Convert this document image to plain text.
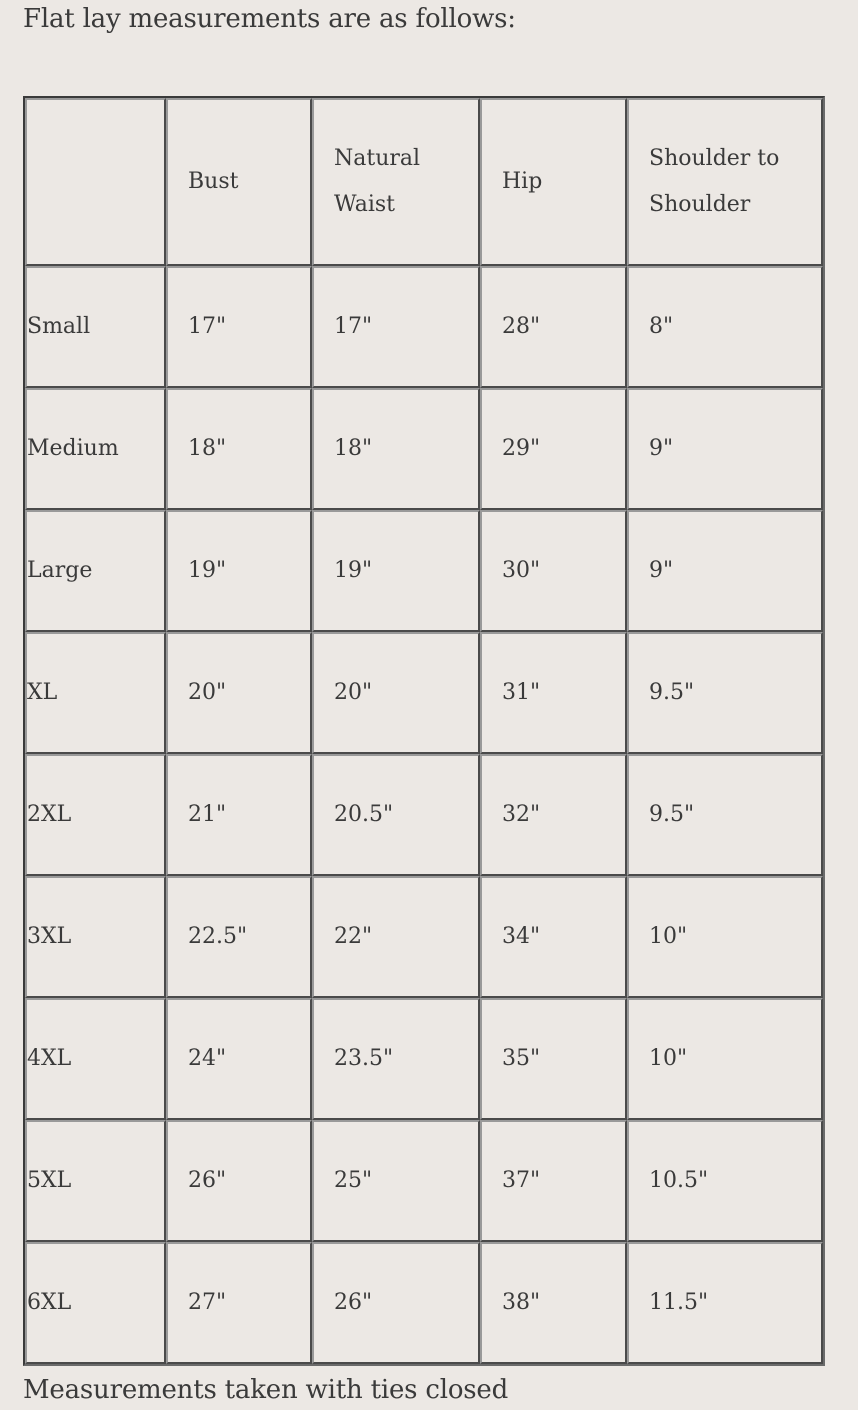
Flat lay measurements are as follows:

	Bust	Natural Waist	Hip	Shoulder to Shoulder
Small	17"	17"	28"	8"
Medium	18"	18"	29"	9"
Large	19"	19"	30"	9"
XL	20"	20"	31"	9.5"
2XL	21"	20.5"	32"	9.5"
3XL	22.5"	22"	34"	10"
4XL	24"	23.5"	35"	10"
5XL	26"	25"	37"	10.5"
6XL	27"	26"	38"	11.5"

Measurements taken with ties closed
